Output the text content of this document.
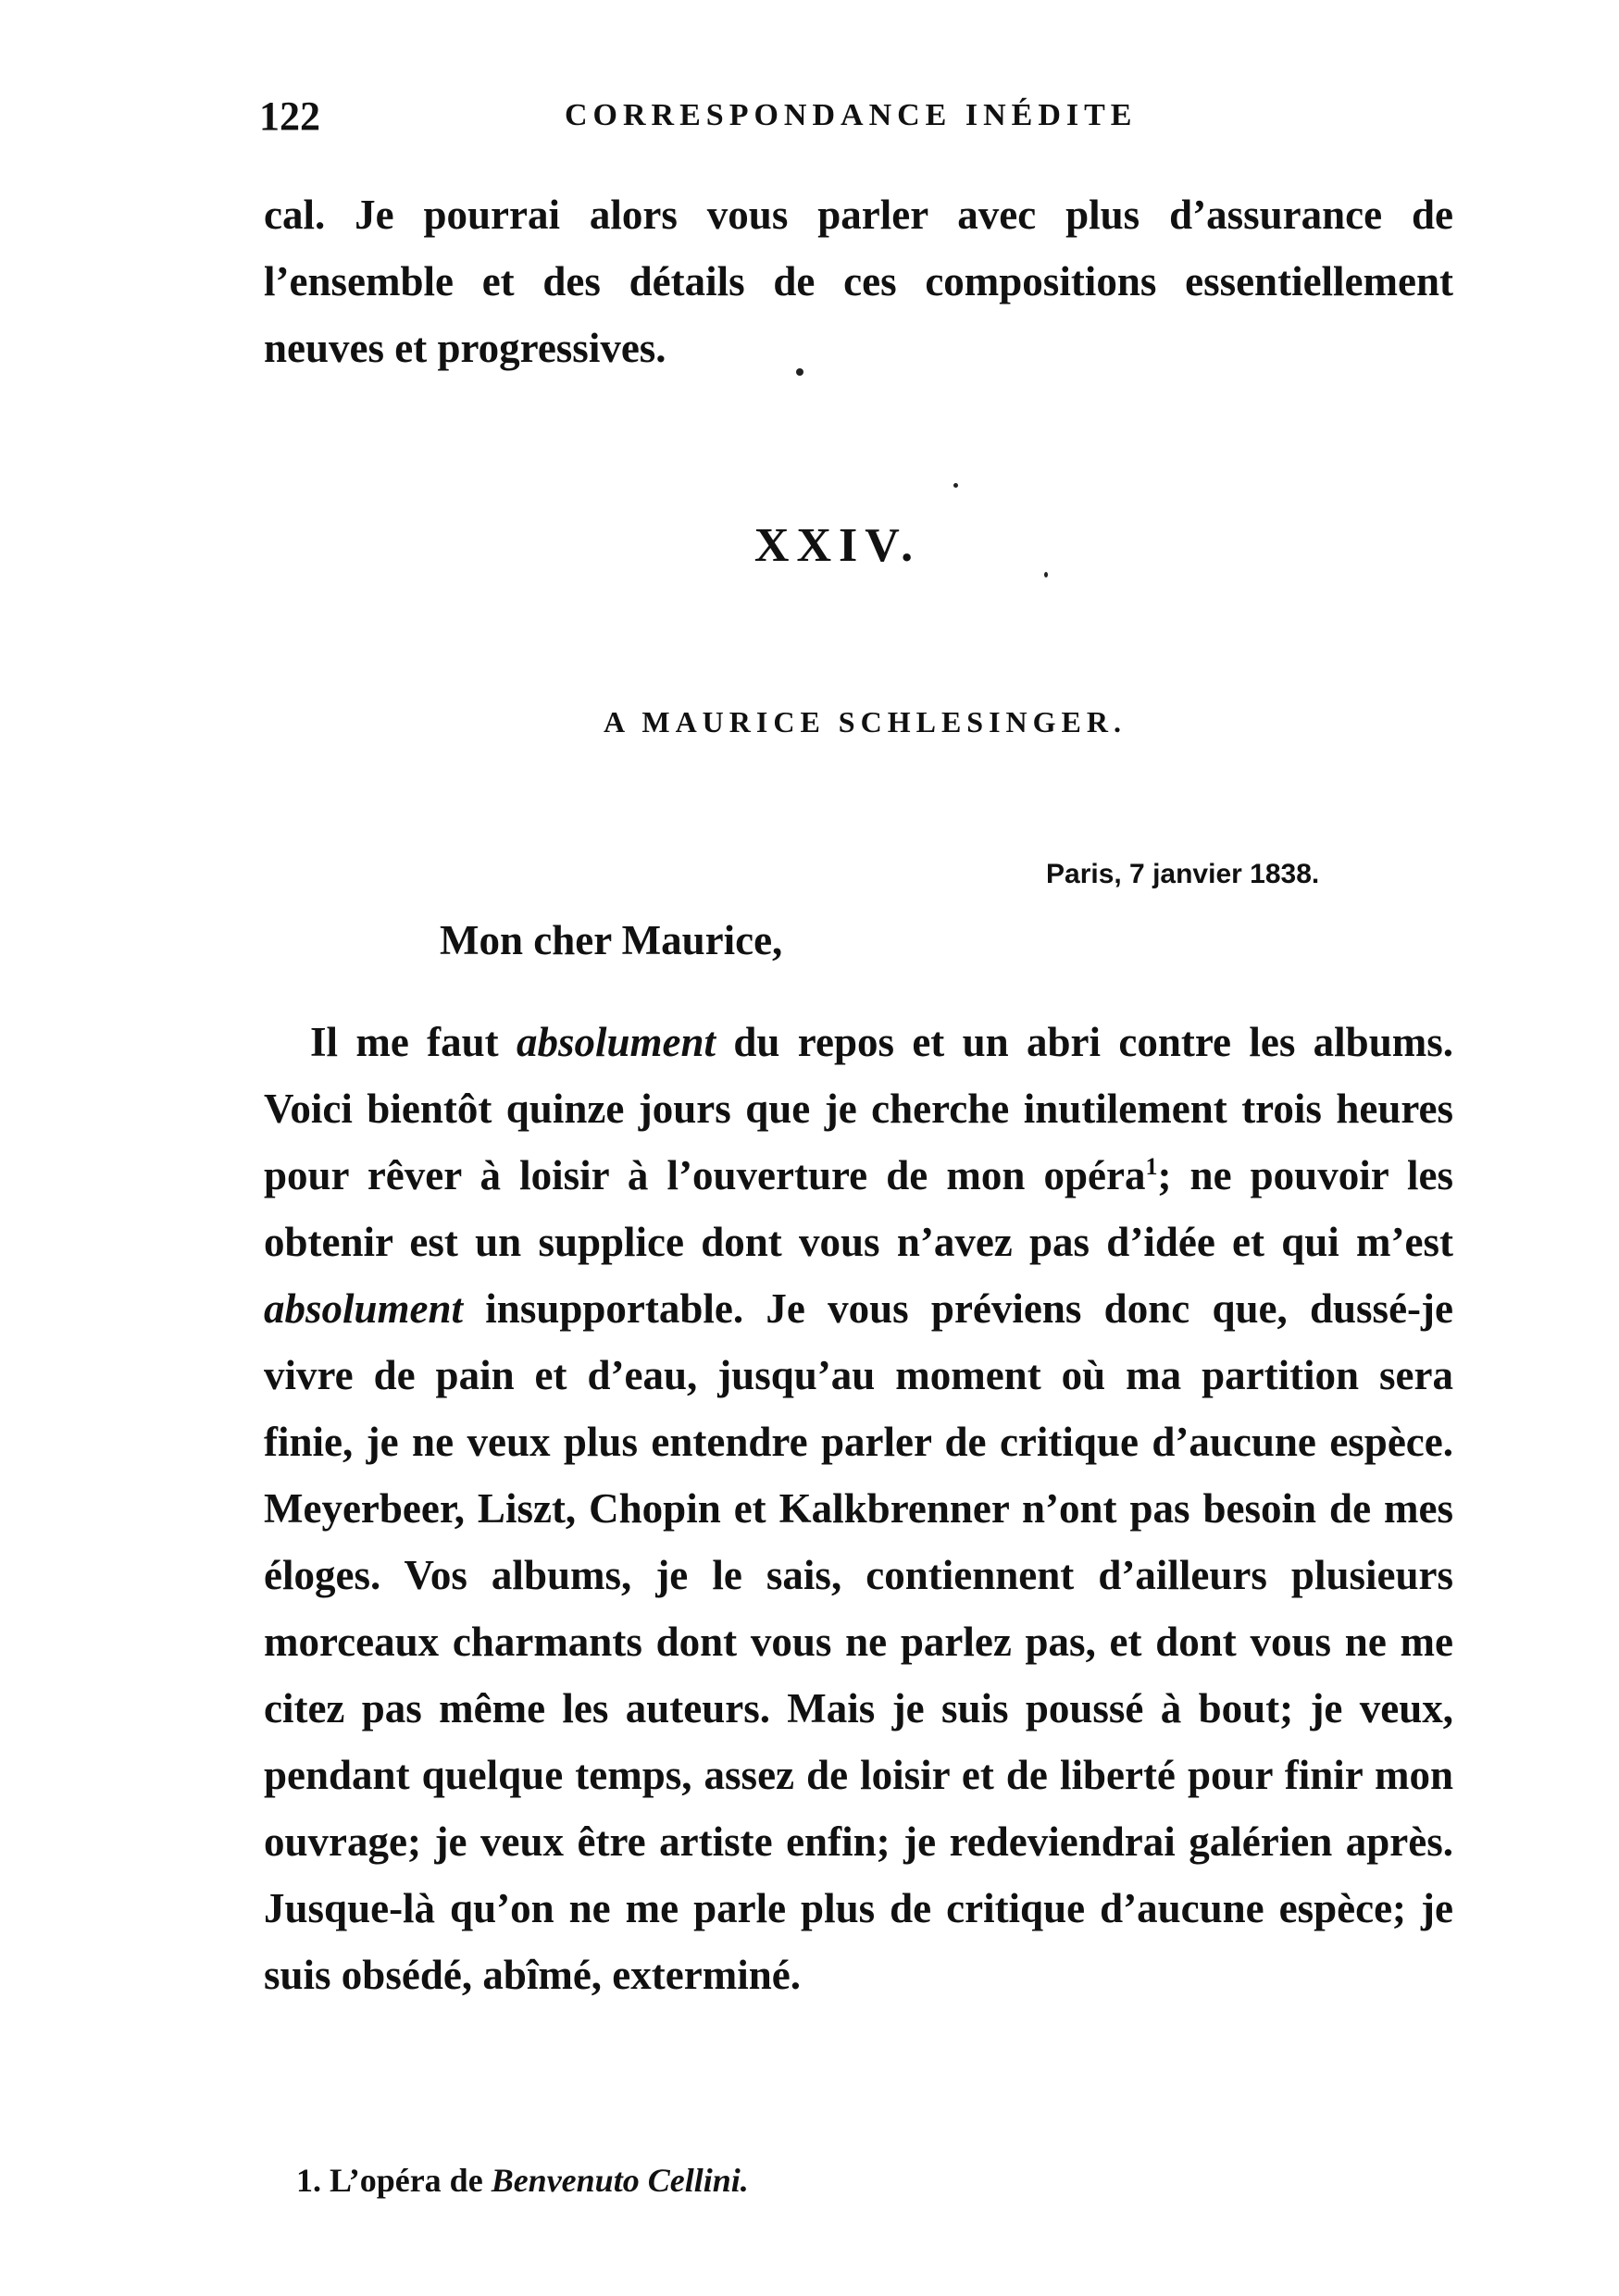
122	CORRESPONDANCE INÉDITE

cal. Je pourrai alors vous parler avec plus d’assurance de l’ensemble et des détails de ces compositions essentiellement neuves et progressives.

XXIV.
A MAURICE SCHLESINGER.
Paris, 7 janvier 1838.
Mon cher Maurice,

Il me faut absolument du repos et un abri contre les albums. Voici bientôt quinze jours que je cherche inutilement trois heures pour rêver à loisir à l’ouverture de mon opéra$^1$; ne pouvoir les obtenir est un supplice dont vous n’avez pas d’idée et qui m’est absolument insupportable. Je vous préviens donc que, dussé-je vivre de pain et d’eau, jusqu’au moment où ma partition sera finie, je ne veux plus entendre parler de critique d’aucune espèce. Meyerbeer, Liszt, Chopin et Kalkbrenner n’ont pas besoin de mes éloges. Vos albums, je le sais, contiennent d’ailleurs plusieurs morceaux charmants dont vous ne parlez pas, et dont vous ne me citez pas même les auteurs. Mais je suis poussé à bout; je veux, pendant quelque temps, assez de loisir et de liberté pour finir mon ouvrage; je veux être artiste enfin; je redeviendrai galérien après. Jusque-là qu’on ne me parle plus de critique d’aucune espèce; je suis obsédé, abîmé, exterminé.

1. L’opéra de Benvenuto Cellini.
